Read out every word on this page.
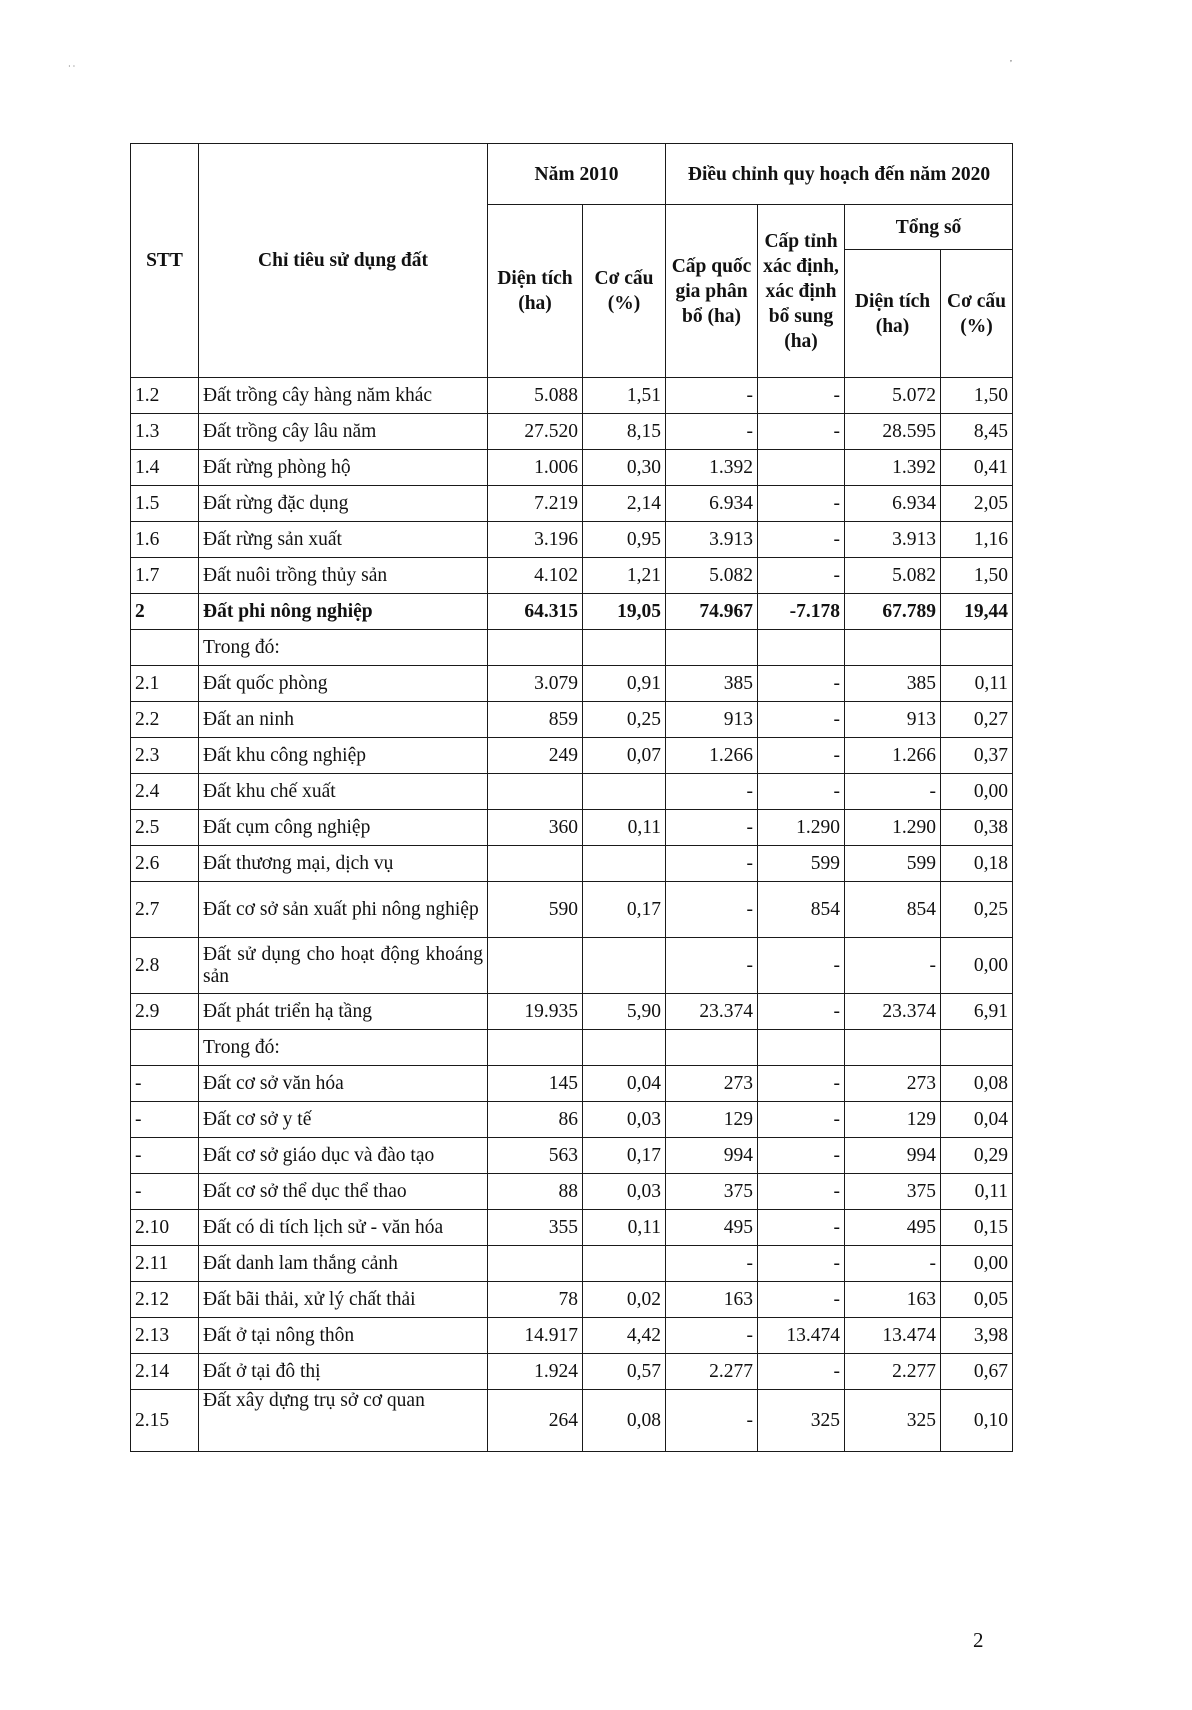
STT	Chỉ tiêu sử dụng đất	Năm 2010		Điều chỉnh quy hoạch đến năm 2020			
		Diện tích (ha)	Cơ cấu (%)	Cấp quốc gia phân bổ (ha)	Cấp tỉnh xác định, xác định bổ sung (ha)	Tổng số	
						Diện tích (ha)	Cơ cấu (%)
1.2	Đất trồng cây hàng năm khác	5.088	1,51	-	-	5.072	1,50
1.3	Đất trồng cây lâu năm	27.520	8,15	-	-	28.595	8,45
1.4	Đất rừng phòng hộ	1.006	0,30	1.392		1.392	0,41
1.5	Đất rừng đặc dụng	7.219	2,14	6.934	-	6.934	2,05
1.6	Đất rừng sản xuất	3.196	0,95	3.913	-	3.913	1,16
1.7	Đất nuôi trồng thủy sản	4.102	1,21	5.082	-	5.082	1,50
2	Đất phi nông nghiệp	64.315	19,05	74.967	-7.178	67.789	19,44
	Trong đó:						
2.1	Đất quốc phòng	3.079	0,91	385	-	385	0,11
2.2	Đất an ninh	859	0,25	913	-	913	0,27
2.3	Đất khu công nghiệp	249	0,07	1.266	-	1.266	0,37
2.4	Đất khu chế xuất			-	-	-	0,00
2.5	Đất cụm công nghiệp	360	0,11	-	1.290	1.290	0,38
2.6	Đất thương mại, dịch vụ			-	599	599	0,18
2.7	Đất cơ sở sản xuất phi nông nghiệp	590	0,17	-	854	854	0,25
2.8	Đất sử dụng cho hoạt động khoáng sản			-	-	-	0,00
2.9	Đất phát triển hạ tầng	19.935	5,90	23.374	-	23.374	6,91
	Trong đó:						
-	Đất cơ sở văn hóa	145	0,04	273	-	273	0,08
-	Đất cơ sở y tế	86	0,03	129	-	129	0,04
-	Đất cơ sở giáo dục và đào tạo	563	0,17	994	-	994	0,29
-	Đất cơ sở thể dục thể thao	88	0,03	375	-	375	0,11
2.10	Đất có di tích lịch sử - văn hóa	355	0,11	495	-	495	0,15
2.11	Đất danh lam thắng cảnh			-	-	-	0,00
2.12	Đất bãi thải, xử lý chất thải	78	0,02	163	-	163	0,05
2.13	Đất ở tại nông thôn	14.917	4,42	-	13.474	13.474	3,98
2.14	Đất ở tại đô thị	1.924	0,57	2.277	-	2.277	0,67
2.15	Đất xây dựng trụ sở cơ quan	264	0,08	-	325	325	0,10
2
· ·
,
